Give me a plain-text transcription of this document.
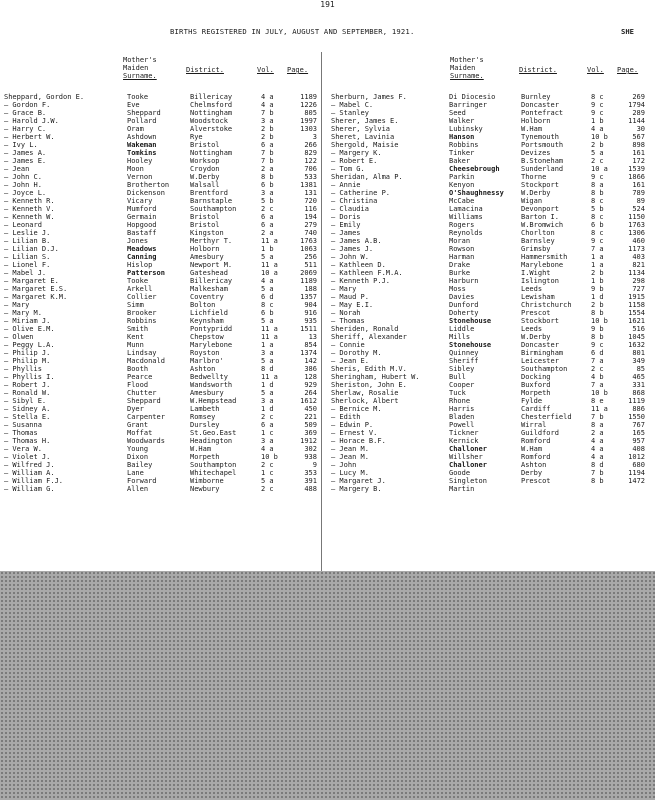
191
BIRTHS REGISTERED IN JULY, AUGUST AND SEPTEMBER, 1921.	SHE
Mother's
Maiden
Surname.
District.	Vol. Page.
Mother's
Maiden
Surname.
District.	Vol. Page.
Sheppard, Gordon E.	Tooke	Billericay	4 a	1189
— Gordon F.	Eve	Chelmsford	4 a	1226
— Grace B.	Sheppard	Nottingham	7 b	805
— Harold J.W.	Pollard	Woodstock	3 a	1997
— Harry C.	Oram	Alverstoke	2 b	1303
— Herbert W.	Ashdown	Rye	2 b	3
— Ivy L.	Wakeman	Bristol	6 a	266
— James A.	Tomkins	Nottingham	7 b	829
— James E.	Hooley	Worksop	7 b	122
— Jean	Moon	Croydon	2 a	706
— John C.	Vernon	W.Derby	8 b	533
— John H.	Brotherton	Walsall	6 b	1381
— Joyce L.	Dickenson	Brentford	3 a	131
— Kenneth R.	Vicary	Barnstaple	5 b	720
— Kenneth V.	Mumford	Southampton	2 c	116
— Kenneth W.	Germain	Bristol	6 a	194
— Leonard	Hopgood	Bristol	6 a	279
— Leslie J.	Bastaff	Kingston	2 a	740
— Lilian B.	Jones	Merthyr T.	11 a	1763
— Lilian D.J.	Meadows	Holborn	1 b	1063
— Lilian S.	Canning	Amesbury	5 a	256
— Lionel F.	Hislop	Newport M.	11 a	511
— Mabel J.	Patterson	Gateshead	10 a	2069
— Margaret E.	Tooke	Billericay	4 a	1189
— Margaret E.S.	Arkell	Malkesham	5 a	188
— Margaret K.M.	Collier	Coventry	6 d	1357
— Mary	Simm	Bolton	8 c	904
— Mary M.	Brooker	Lichfield	6 b	916
— Miriam J.	Robbins	Keynsham	5 a	935
— Olive E.M.	Smith	Pontypridd	11 a	1511
— Olwen	Kent	Chepstow	11 a	13
— Peggy L.A.	Munn	Marylebone	1 a	854
— Philip J.	Lindsay	Royston	3 a	1374
— Philip M.	Macdonald	Marlbro'	5 a	142
— Phyllis	Booth	Ashton	8 d	386
— Phyllis I.	Pearce	Bedwellty	11 a	128
— Robert J.	Flood	Wandsworth	1 d	929
— Ronald W.	Chutter	Amesbury	5 a	264
— Sibyl E.	Sheppard	W.Hempstead	3 a	1612
— Sidney A.	Dyer	Lambeth	1 d	450
— Stella E.	Carpenter	Romsey	2 c	221
— Susanna	Grant	Dursley	6 a	509
— Thomas	Moffat	St.Geo.East	1 c	369
— Thomas H.	Woodwards	Headington	3 a	1912
— Vera W.	Young	W.Ham	4 a	302
— Violet J.	Dixon	Morpeth	10 b	938
— Wilfred J.	Bailey	Southampton	2 c	9
— William A.	Lane	Whitechapel	1 c	353
— William F.J.	Forward	Wimborne	5 a	391
— William G.	Allen	Newbury	2 c	488
Sherburn, James F.	Di Diocesio	Burnley	8 c	269
— Mabel C.	Barringer	Doncaster	9 c	1794
— Stanley	Seed	Pontefract	9 c	289
Sherer, James E.	Walker	Holborn	1 b	1144
Sherer, Sylvia	Lubinsky	W.Ham	4 a	30
Sheret, Lavinia	Hanson	Tynemouth	10 b	567
Shergold, Maisie	Robbins	Portsmouth	2 b	898
— Margery K.	Tinker	Devizes	5 a	161
— Robert E.	Baker	B.Stoneham	2 c	172
— Tom G.	Cheesebrough	Sunderland	10 a	1539
Sheridan, Alma P.	Parkin	Thorne	9 c	1866
— Annie	Kenyon	Stockport	8 a	161
— Catherine P.	O'Shaughnessy	W.Derby	8 b	789
— Christina	McCabe	Wigan	8 c	89
— Claudia	Lamacina	Devonport	5 b	524
— Doris	Williams	Barton I.	8 c	1150
— Emily	Rogers	W.Bromwich	6 b	1763
— James	Reynolds	Chorlton	8 c	1306
— James A.B.	Moran	Barnsley	9 c	460
— James J.	Rowson	Grimsby	7 a	1173
— John W.	Harman	Hammersmith	1 a	403
— Kathleen D.	Drake	Marylebone	1 a	821
— Kathleen F.M.A.	Burke	I.Wight	2 b	1134
— Kenneth P.J.	Harburn	Islington	1 b	298
— Mary	Moss	Leeds	9 b	727
— Maud P.	Davies	Lewisham	1 d	1915
— May E.I.	Dunford	Christchurch	2 b	1158
— Norah	Doherty	Prescot	8 b	1554
— Thomas	Stonehouse	Stockbort	10 b	1621
Sheriden, Ronald	Liddle	Leeds	9 b	516
Sheriff, Alexander	Mills	W.Derby	8 b	1045
— Connie	Stonehouse	Doncaster	9 c	1632
— Dorothy M.	Quinney	Birmingham	6 d	801
— Jean E.	Sheriff	Leicester	7 a	349
Sheris, Edith M.V.	Sibley	Southampton	2 c	85
Sheringham, Hubert W.	Bull	Docking	4 b	465
Sheriston, John E.	Cooper	Buxford	7 a	331
Sherlaw, Rosalie	Tuck	Morpeth	10 b	868
Sherlock, Albert	Rhone	Fylde	8 e	1119
— Bernice M.	Harris	Cardiff	11 a	886
— Edith	Bladen	Chesterfield	7 b	1550
— Edwin P.	Powell	Wirral	8 a	767
— Ernest V.	Tickner	Guildford	2 a	165
— Horace B.F.	Kernick	Romford	4 a	957
— Jean M.	Challoner	W.Ham	4 a	408
— Jean M.	Willsher	Romford	4 a	1012
— John	Challoner	Ashton	8 d	680
— Lucy M.	Goode	Derby	7 b	1194
— Margaret J.	Singleton	Prescot	8 b	1472
— Margery B.	Martin
